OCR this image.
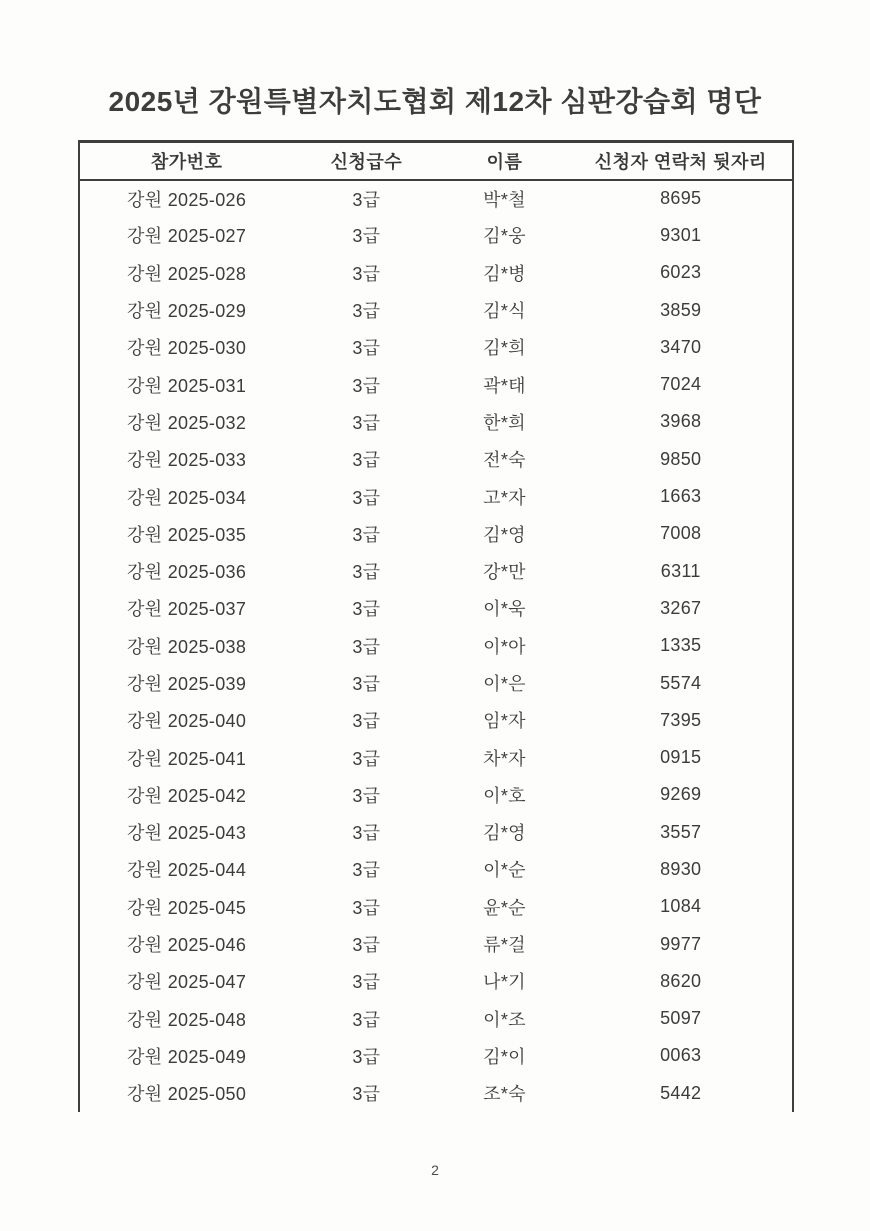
2025년 강원특별자치도협회 제12차 심판강습회 명단
참가번호	신청급수	이름	신청자 연락처 뒷자리
강원 2025-026	3급	박*철	8695
강원 2025-027	3급	김*웅	9301
강원 2025-028	3급	김*병	6023
강원 2025-029	3급	김*식	3859
강원 2025-030	3급	김*희	3470
강원 2025-031	3급	곽*태	7024
강원 2025-032	3급	한*희	3968
강원 2025-033	3급	전*숙	9850
강원 2025-034	3급	고*자	1663
강원 2025-035	3급	김*영	7008
강원 2025-036	3급	강*만	6311
강원 2025-037	3급	이*욱	3267
강원 2025-038	3급	이*아	1335
강원 2025-039	3급	이*은	5574
강원 2025-040	3급	임*자	7395
강원 2025-041	3급	차*자	0915
강원 2025-042	3급	이*호	9269
강원 2025-043	3급	김*영	3557
강원 2025-044	3급	이*순	8930
강원 2025-045	3급	윤*순	1084
강원 2025-046	3급	류*걸	9977
강원 2025-047	3급	나*기	8620
강원 2025-048	3급	이*조	5097
강원 2025-049	3급	김*이	0063
강원 2025-050	3급	조*숙	5442
2
